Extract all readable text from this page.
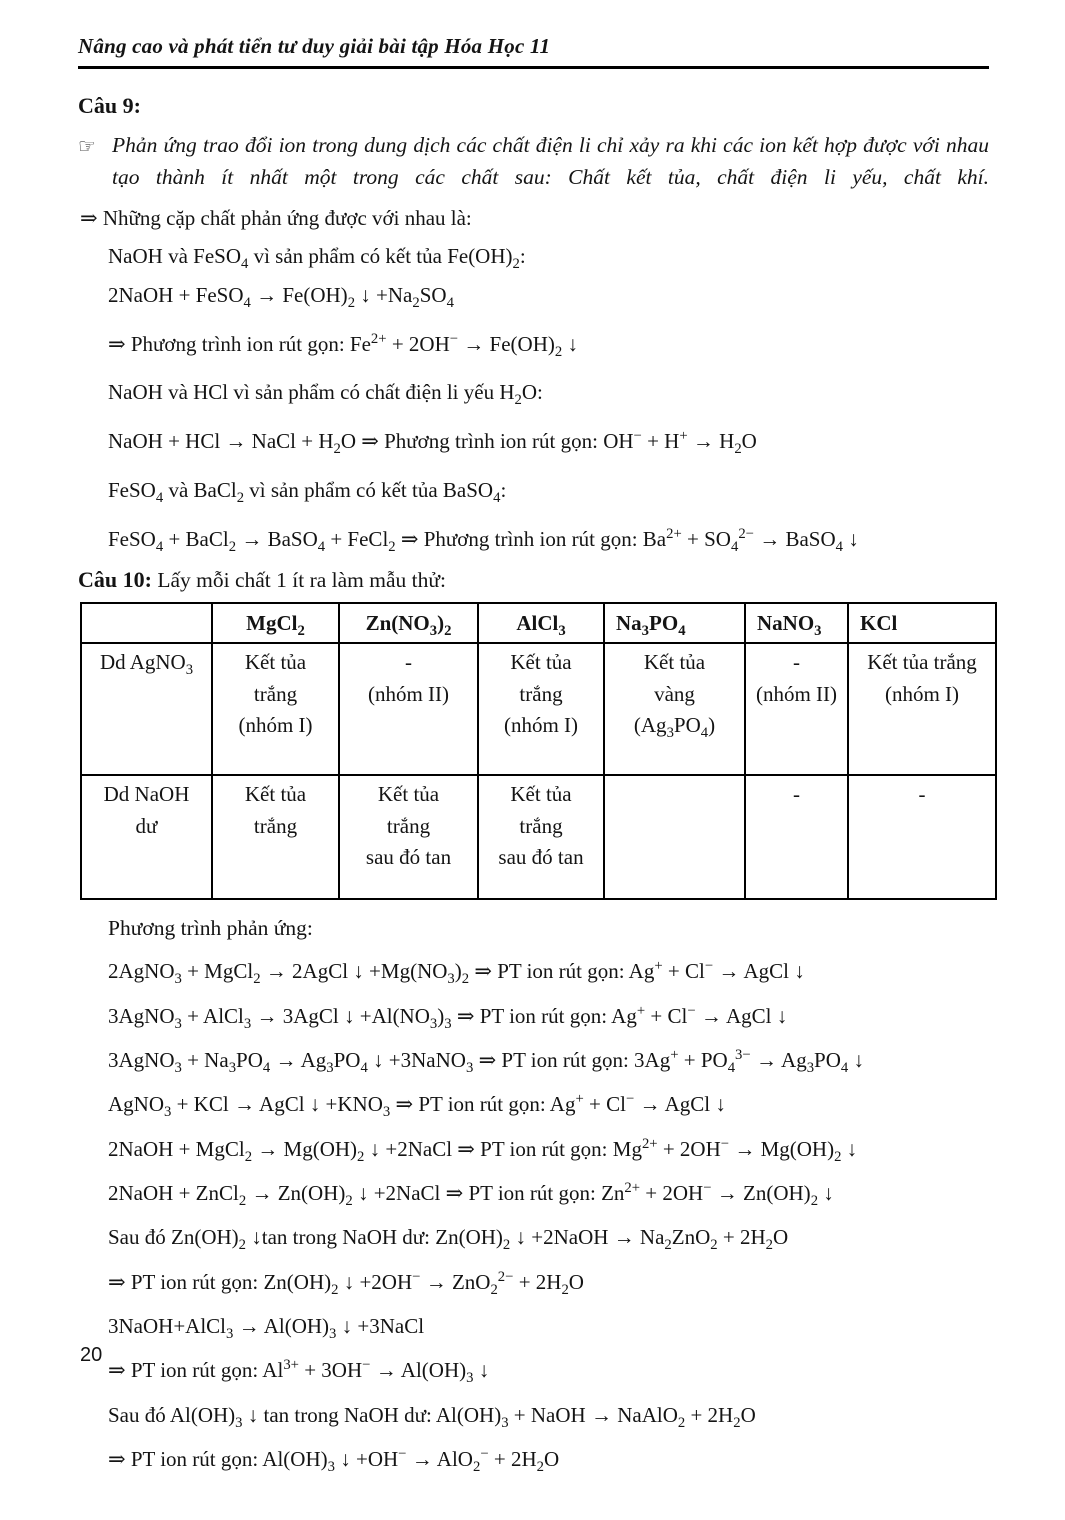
Nâng cao và phát tiển tư duy giải bài tập Hóa Học 11
Câu 9:
☞ Phản ứng trao đổi ion trong dung dịch các chất điện li chỉ xảy ra khi các ion kết hợp được với nhau tạo thành ít nhất một trong các chất sau: Chất kết tủa, chất điện li yếu, chất khí.
⇒ Những cặp chất phản ứng được với nhau là:
NaOH và FeSO$_4$ vì sản phẩm có kết tủa $Fe(OH)_2$:
2NaOH + FeSO$_4$ → $Fe(OH)_2$ ↓ $+Na_2SO_4$
⇒ Phương trình ion rút gọn: $Fe^{2+} + 2OH^- \to Fe(OH)_2$ ↓
NaOH và HCl vì sản phẩm có chất điện li yếu $H_2O$:
NaOH + HCl → NaCl + $H_2O$ ⇒ Phương trình ion rút gọn: $OH^- + H^+ \to H_2O$
FeSO$_4$ và BaCl$_2$ vì sản phẩm có kết tủa BaSO$_4$:
FeSO$_4$ + BaCl$_2$ → BaSO$_4$ + FeCl$_2$ ⇒ Phương trình ion rút gọn: $Ba^{2+} + SO_4^{2-}$ → BaSO$_4$ ↓
Câu 10: Lấy mỗi chất 1 ít ra làm mẫu thử:
	MgCl$_2$	$Zn(NO_3)_2$	AlCl$_3$	$Na_3PO_4$	NaNO$_3$	KCl
Dd AgNO$_3$	Kết tủa
trắng
(nhóm I)	-
(nhóm II)	Kết tủa
trắng
(nhóm I)	Kết tủa
vàng
$(Ag_3PO_4)$	-
(nhóm II)	Kết tủa trắng
(nhóm I)
Dd NaOH
dư	Kết tủa
trắng	Kết tủa
trắng
sau đó tan	Kết tủa
trắng
sau đó tan		-	-
Phương trình phản ứng:
2AgNO$_3$ + MgCl$_2$ → 2AgCl ↓ $+Mg(NO_3)_2$ ⇒ PT ion rút gọn: Ag+ + Cl− → AgCl ↓
3AgNO$_3$ + AlCl$_3$ → 3AgCl ↓ $+Al(NO_3)_3$ ⇒ PT ion rút gọn: Ag+ + Cl− → AgCl ↓
3AgNO$_3$ + $Na_3PO_4 \to Ag_3PO_4$ ↓ +3NaNO$_3$ ⇒ PT ion rút gọn: $3Ag^+ + PO_4^{3-} \to Ag_3PO_4$ ↓
AgNO$_3$ + KCl → AgCl ↓ $+KNO_3$ ⇒ PT ion rút gọn: Ag+ + Cl− → AgCl ↓
2NaOH + MgCl$_2$ → $Mg(OH)_2$ ↓ +2NaCl ⇒ PT ion rút gọn: $Mg^{2+} + 2OH^- \to Mg(OH)_2$ ↓
2NaOH + ZnCl$_2$ → $Zn(OH)_2$ ↓ +2NaCl ⇒ PT ion rút gọn: $Zn^{2+} + 2OH^- \to Zn(OH)_2$ ↓
Sau đó $Zn(OH)_2$ ↓tan trong NaOH dư: $Zn(OH)_2$ ↓ +2NaOH → $Na_2ZnO_2 + 2H_2O$
⇒ PT ion rút gọn: $Zn(OH)_2$ ↓ $+2OH^- \to ZnO_2^{2-} + 2H_2O$
3NaOH+AlCl$_3$ → $Al(OH)_3$ ↓ +3NaCl
⇒ PT ion rút gọn: $Al^{3+} + 3OH^- \to Al(OH)_3$ ↓
Sau đó $Al(OH)_3$ ↓ tan trong NaOH dư: $Al(OH)_3$ + NaOH → NaAlO$_2$ + $2H_2O$
⇒ PT ion rút gọn: $Al(OH)_3$ ↓ $+OH^- \to AlO_2^- + 2H_2O$
20
